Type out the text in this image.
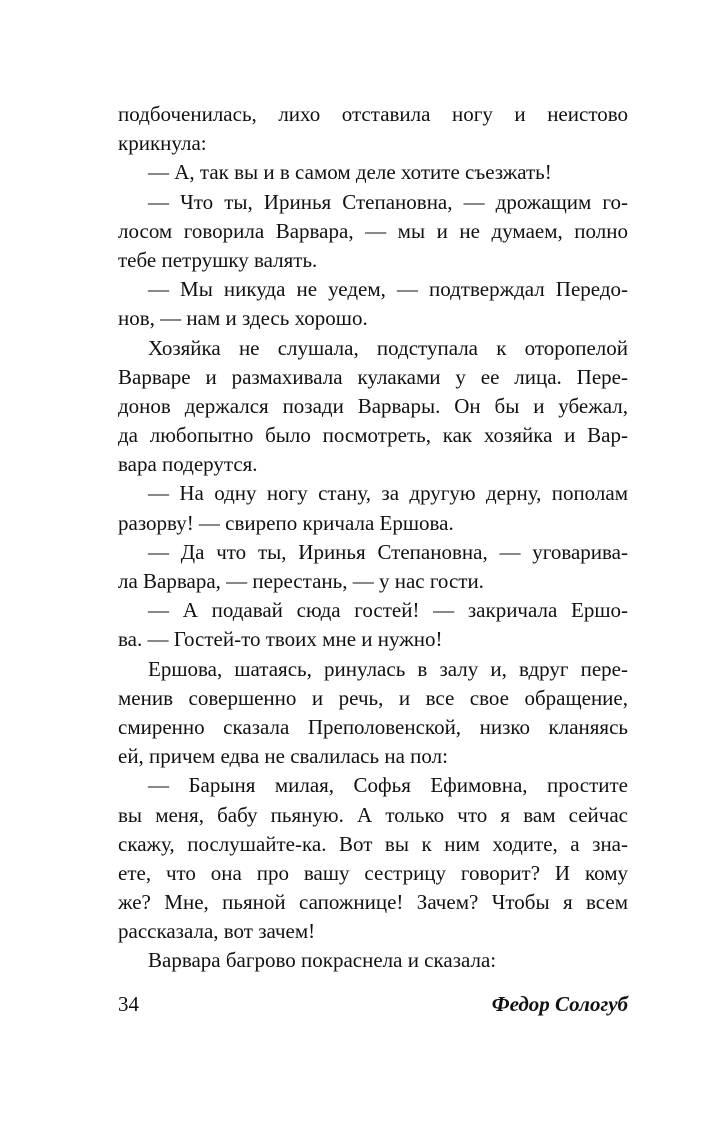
подбоченилась, лихо отставила ногу и неистово
крикнула:
— А, так вы и в самом деле хотите съезжать!
— Что ты, Иринья Степановна, — дрожащим го-
лосом говорила Варвара, — мы и не думаем, полно
тебе петрушку валять.
— Мы никуда не уедем, — подтверждал Передо-
нов, — нам и здесь хорошо.
Хозяйка не слушала, подступала к оторопелой
Варваре и размахивала кулаками у ее лица. Пере-
донов держался позади Варвары. Он бы и убежал,
да любопытно было посмотреть, как хозяйка и Вар-
вара подерутся.
— На одну ногу стану, за другую дерну, пополам
разорву! — свирепо кричала Ершова.
— Да что ты, Иринья Степановна, — уговарива-
ла Варвара, — перестань, — у нас гости.
— А подавай сюда гостей! — закричала Ершо-
ва. — Гостей-то твоих мне и нужно!
Ершова, шатаясь, ринулась в залу и, вдруг пере-
менив совершенно и речь, и все свое обращение,
смиренно сказала Преполовенской, низко кланяясь
ей, причем едва не свалилась на пол:
— Барыня милая, Софья Ефимовна, простите
вы меня, бабу пьяную. А только что я вам сейчас
скажу, послушайте-ка. Вот вы к ним ходите, а зна-
ете, что она про вашу сестрицу говорит? И кому
же? Мне, пьяной сапожнице! Зачем? Чтобы я всем
рассказала, вот зачем!
Варвара багрово покраснела и сказала:
34	Федор Сологуб
